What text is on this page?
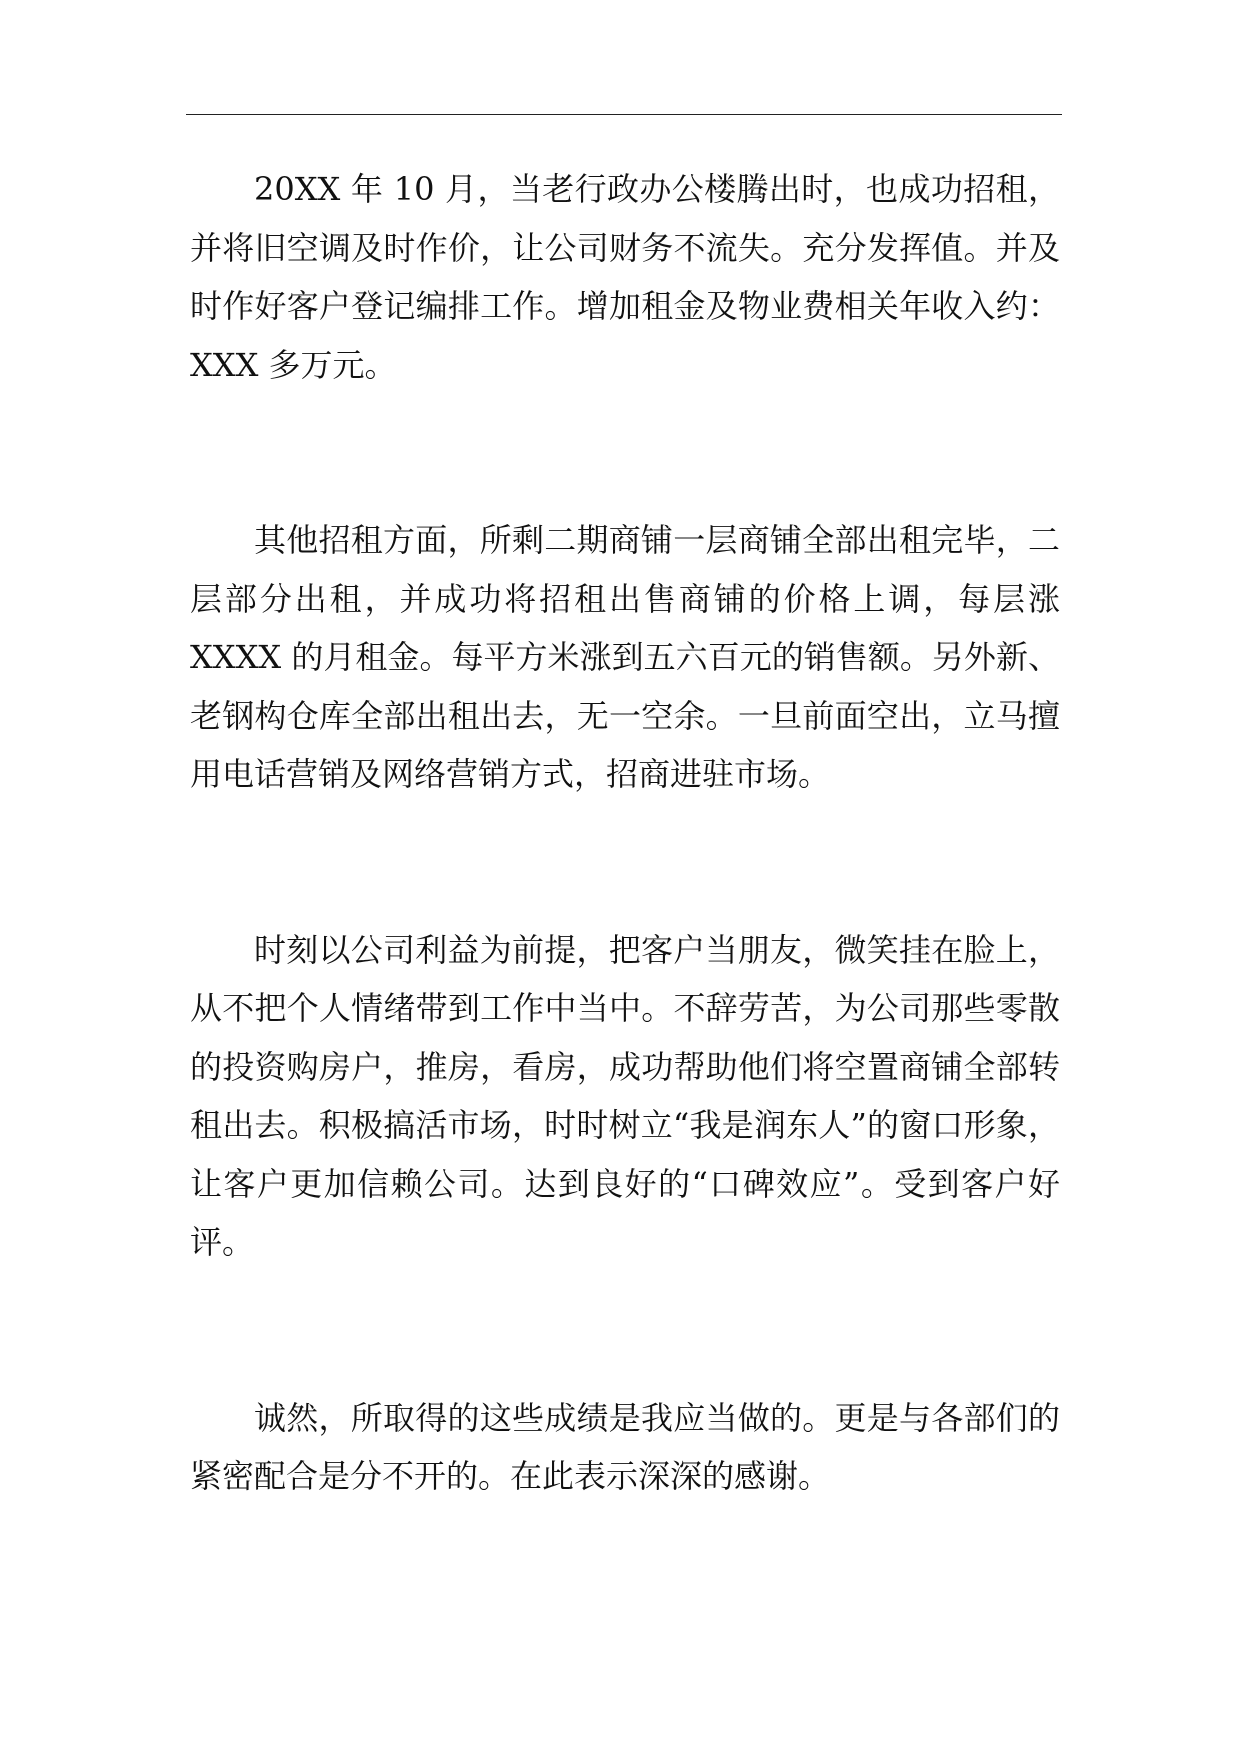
20XX 年 10 月，当老行政办公楼腾出时，也成功招租，并将旧空调及时作价，让公司财务不流失。充分发挥值。并及时作好客户登记编排工作。增加租金及物业费相关年收入约：XXX 多万元。

其他招租方面，所剩二期商铺一层商铺全部出租完毕，二层部分出租，并成功将招租出售商铺的价格上调，每层涨 XXXX 的月租金。每平方米涨到五六百元的销售额。另外新、老钢构仓库全部出租出去，无一空余。一旦前面空出，立马擅用电话营销及网络营销方式，招商进驻市场。

时刻以公司利益为前提，把客户当朋友，微笑挂在脸上，从不把个人情绪带到工作中当中。不辞劳苦，为公司那些零散的投资购房户，推房，看房，成功帮助他们将空置商铺全部转租出去。积极搞活市场，时时树立“我是润东人”的窗口形象，让客户更加信赖公司。达到良好的“口碑效应”。受到客户好评。

诚然，所取得的这些成绩是我应当做的。更是与各部们的紧密配合是分不开的。在此表示深深的感谢。
